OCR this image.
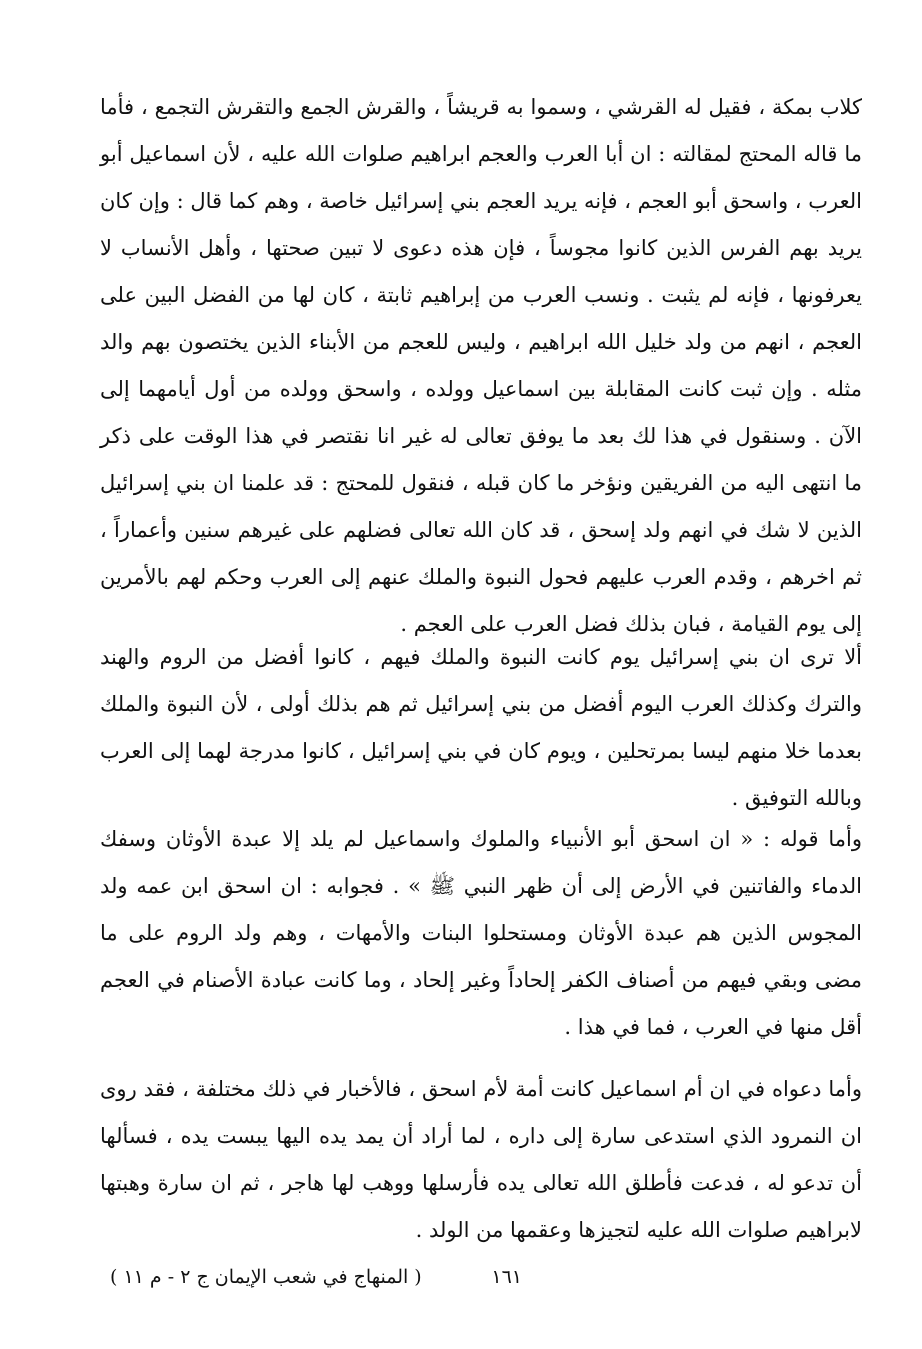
كلاب بمكة ، فقيل له القرشي ، وسموا به قريشاً ، والقرش الجمع والتقرش التجمع ، فأما ما قاله المحتج لمقالته : ان أبا العرب والعجم ابراهيم صلوات الله عليه ، لأن اسماعيل أبو العرب ، واسحق أبو العجم ، فإنه يريد العجم بني إسرائيل خاصة ، وهم كما قال : وإن كان يريد بهم الفرس الذين كانوا مجوساً ، فإن هذه دعوى لا تبين صحتها ، وأهل الأنساب لا يعرفونها ، فإنه لم يثبت . ونسب العرب من إبراهيم ثابتة ، كان لها من الفضل البين على العجم ، انهم من ولد خليل الله ابراهيم ، وليس للعجم من الأبناء الذين يختصون بهم والد مثله . وإن ثبت كانت المقابلة بين اسماعيل وولده ، واسحق وولده من أول أيامهما إلى الآن . وسنقول في هذا لك بعد ما يوفق تعالى له غير انا نقتصر في هذا الوقت على ذكر ما انتهى اليه من الفريقين ونؤخر ما كان قبله ، فنقول للمحتج : قد علمنا ان بني إسرائيل الذين لا شك في انهم ولد إسحق ، قد كان الله تعالى فضلهم على غيرهم سنين وأعماراً ، ثم اخرهم ، وقدم العرب عليهم فحول النبوة والملك عنهم إلى العرب وحكم لهم بالأمرين إلى يوم القيامة ، فبان بذلك فضل العرب على العجم .

ألا ترى ان بني إسرائيل يوم كانت النبوة والملك فيهم ، كانوا أفضل من الروم والهند والترك وكذلك العرب اليوم أفضل من بني إسرائيل ثم هم بذلك أولى ، لأن النبوة والملك بعدما خلا منهم ليسا بمرتحلين ، ويوم كان في بني إسرائيل ، كانوا مدرجة لهما إلى العرب وبالله التوفيق .

وأما قوله : « ان اسحق أبو الأنبياء والملوك واسماعيل لم يلد إلا عبدة الأوثان وسفك الدماء والفاتنين في الأرض إلى أن ظهر النبي ﷺ » . فجوابه : ان اسحق ابن عمه ولد المجوس الذين هم عبدة الأوثان ومستحلوا البنات والأمهات ، وهم ولد الروم على ما مضى وبقي فيهم من أصناف الكفر إلحاداً وغير إلحاد ، وما كانت عبادة الأصنام في العجم أقل منها في العرب ، فما في هذا .

وأما دعواه في ان أم اسماعيل كانت أمة لأم اسحق ، فالأخبار في ذلك مختلفة ، فقد روى ان النمرود الذي استدعى سارة إلى داره ، لما أراد أن يمد يده اليها يبست يده ، فسألها أن تدعو له ، فدعت فأطلق الله تعالى يده فأرسلها ووهب لها هاجر ، ثم ان سارة وهبتها لابراهيم صلوات الله عليه لتجيزها وعقمها من الولد .

١٦١
( المنهاج في شعب الإيمان ج ٢ - م ١١ )
